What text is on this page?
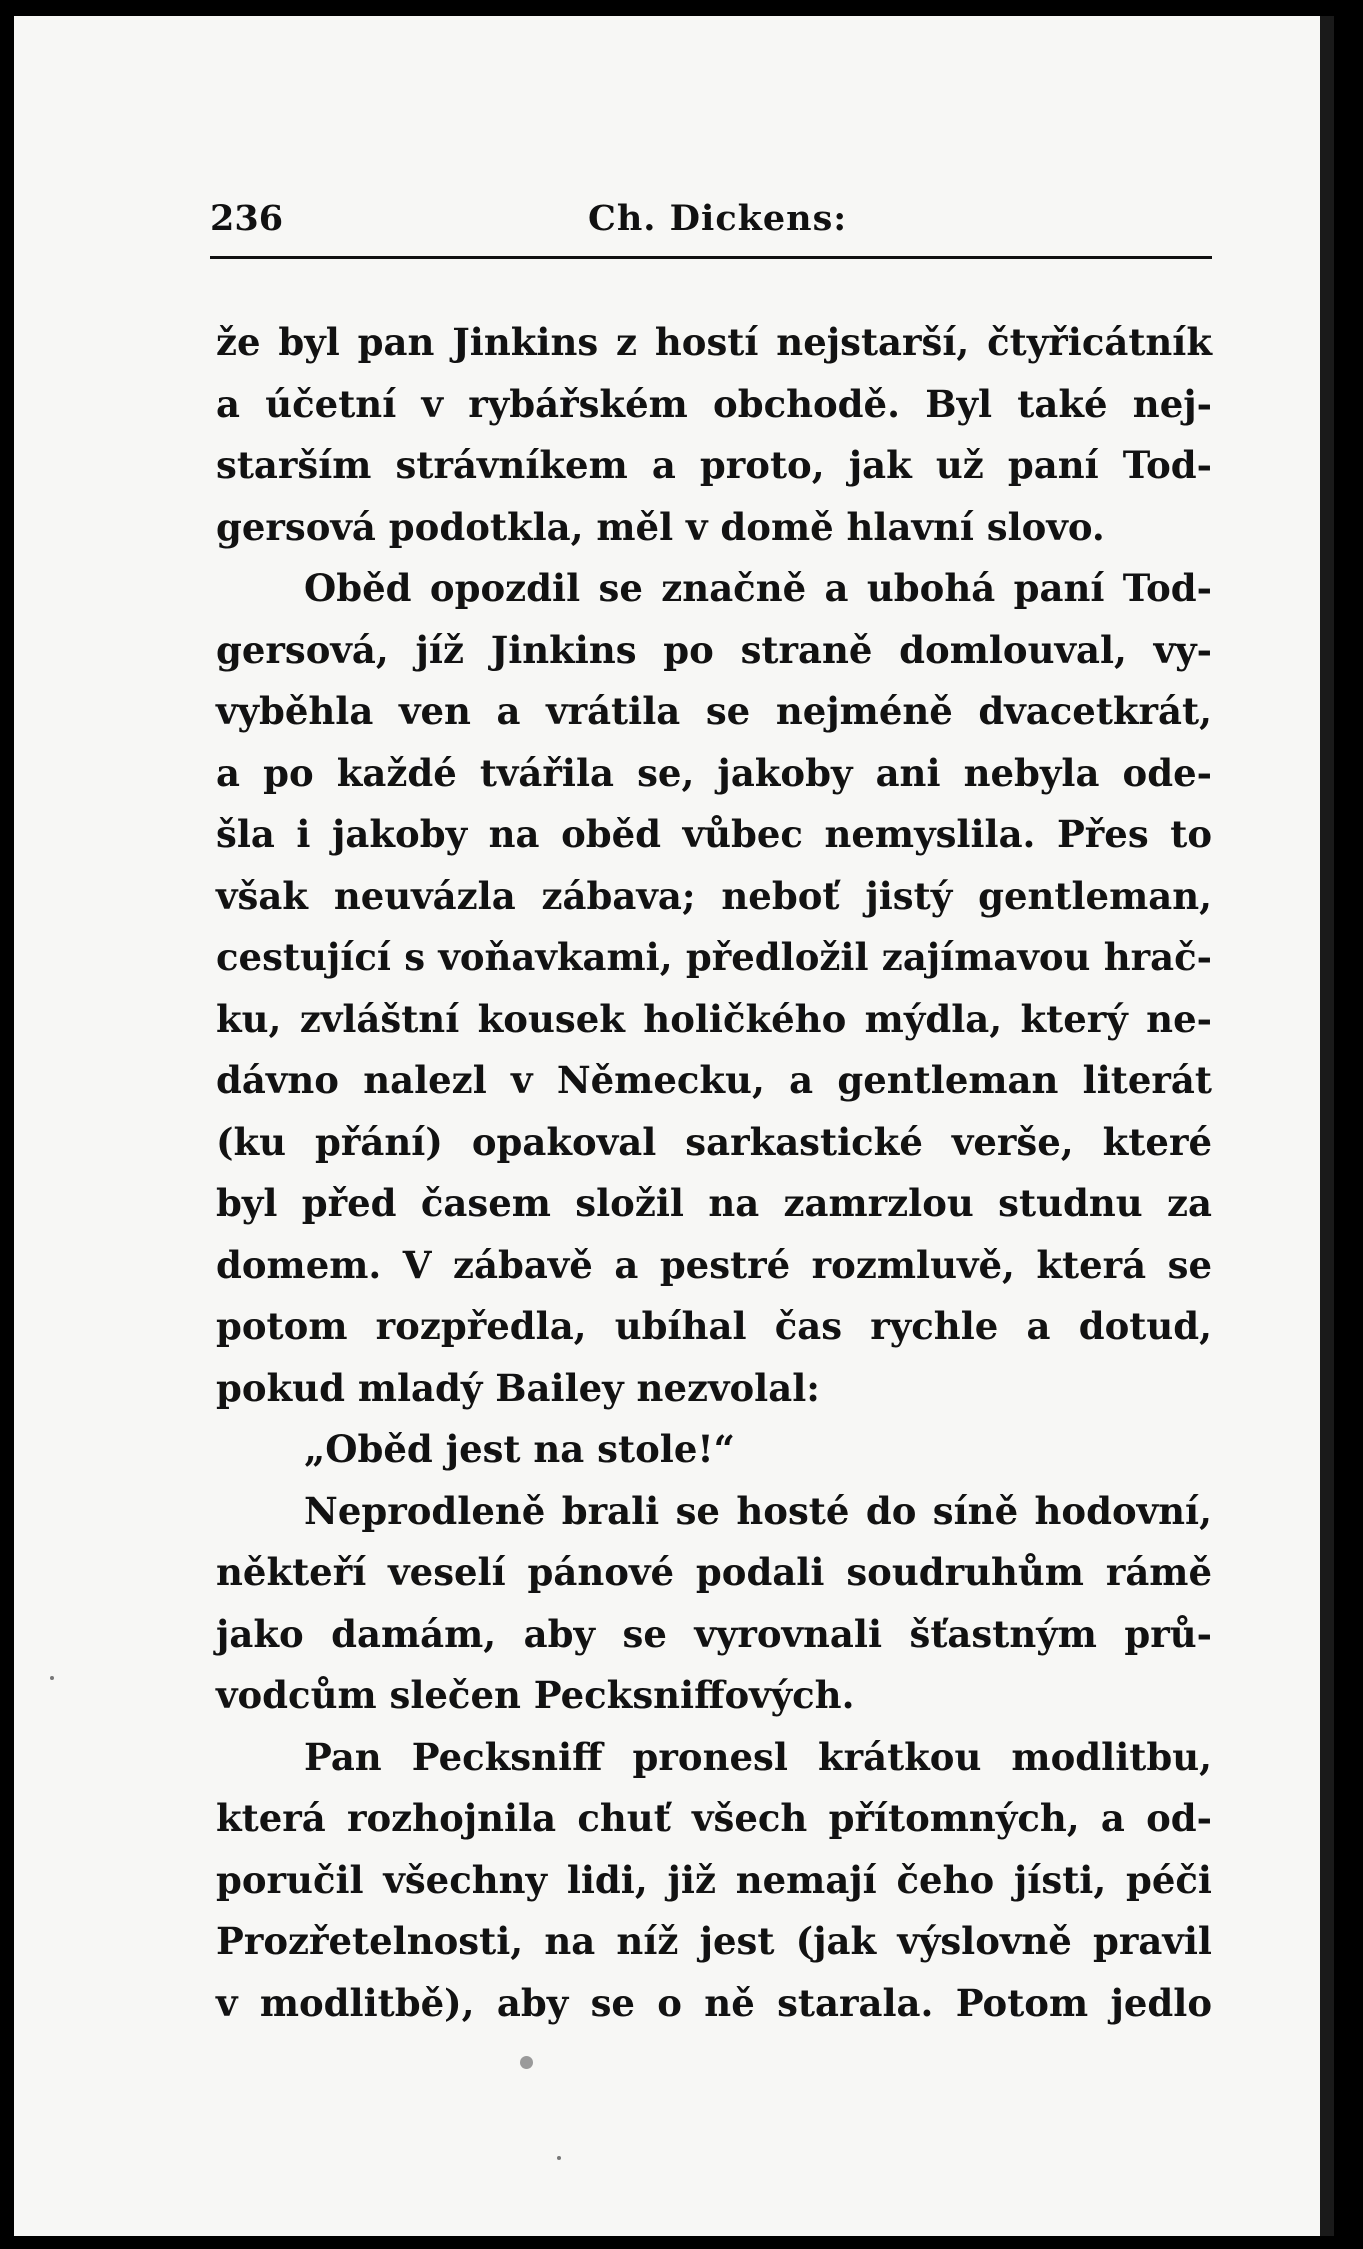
236	Ch. Dickens:
že byl pan Jinkins z hostí nejstarší, čtyřicátník
a účetní v rybářském obchodě. Byl také nej-
starším strávníkem a proto, jak už paní Tod-
gersová podotkla, měl v domě hlavní slovo.
Oběd opozdil se značně a ubohá paní Tod-
gersová, jíž Jinkins po straně domlouval, vy-
vyběhla ven a vrátila se nejméně dvacetkrát,
a po každé tvářila se, jakoby ani nebyla ode-
šla i jakoby na oběd vůbec nemyslila. Přes to
však neuvázla zábava; neboť jistý gentleman,
cestující s voňavkami, předložil zajímavou hrač-
ku, zvláštní kousek holičkého mýdla, který ne-
dávno nalezl v Německu, a gentleman literát
(ku přání) opakoval sarkastické verše, které
byl před časem složil na zamrzlou studnu za
domem. V zábavě a pestré rozmluvě, která se
potom rozpředla, ubíhal čas rychle a dotud,
pokud mladý Bailey nezvolal:
„Oběd jest na stole!“
Neprodleně brali se hosté do síně hodovní,
někteří veselí pánové podali soudruhům rámě
jako damám, aby se vyrovnali šťastným prů-
vodcům slečen Pecksniffových.
Pan Pecksniff pronesl krátkou modlitbu,
která rozhojnila chuť všech přítomných, a od-
poručil všechny lidi, již nemají čeho jísti, péči
Prozřetelnosti, na níž jest (jak výslovně pravil
v modlitbě), aby se o ně starala. Potom jedlo
